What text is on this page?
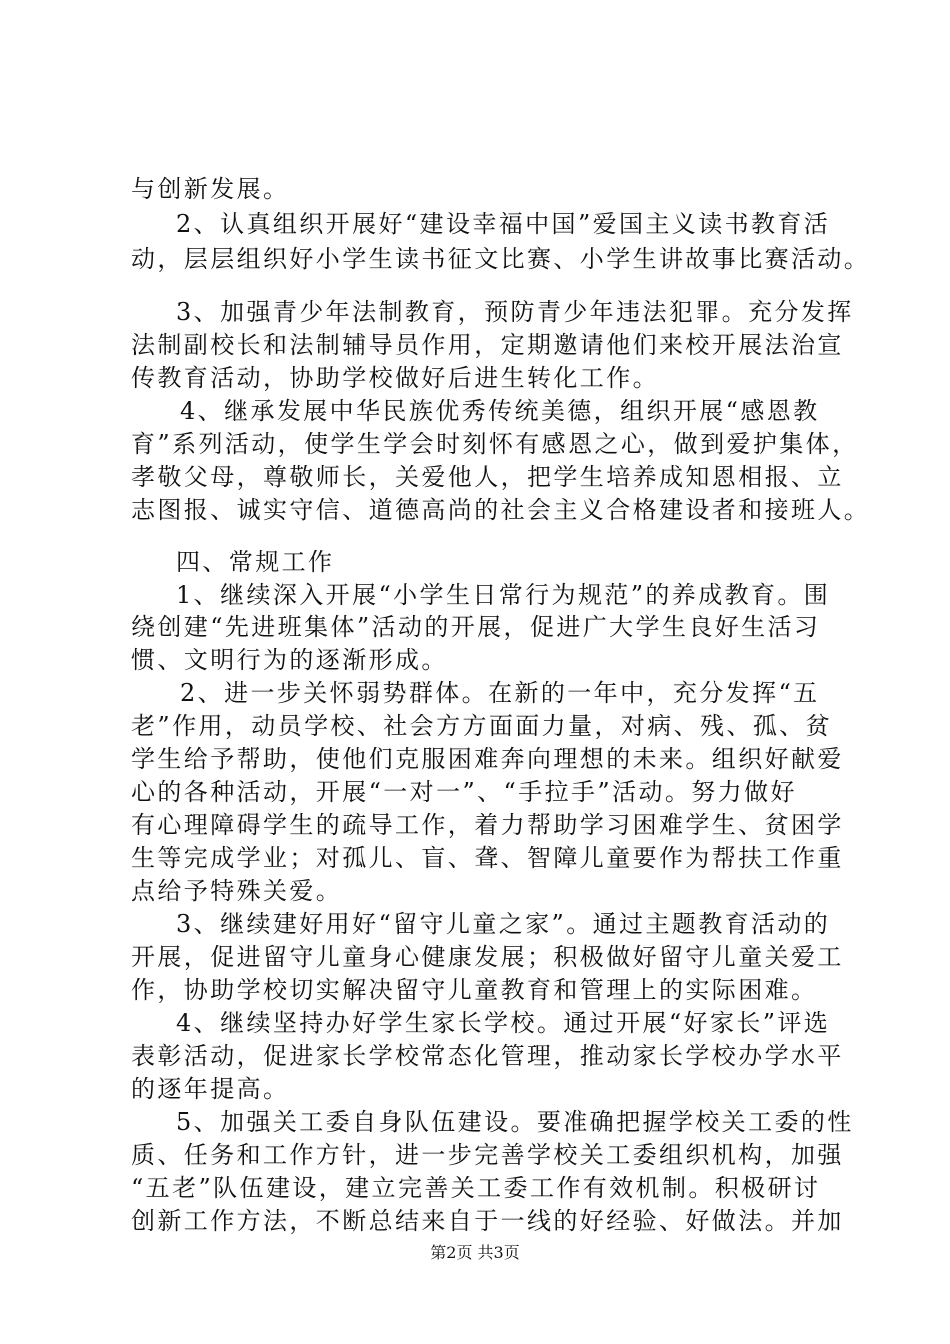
与创新发展。
2、认真组织开展好“建设幸福中国”爱国主义读书教育活
动，层层组织好小学生读书征文比赛、小学生讲故事比赛活动。
3、加强青少年法制教育，预防青少年违法犯罪。充分发挥
法制副校长和法制辅导员作用，定期邀请他们来校开展法治宣
传教育活动，协助学校做好后进生转化工作。
4、继承发展中华民族优秀传统美德，组织开展“感恩教
育”系列活动，使学生学会时刻怀有感恩之心，做到爱护集体，
孝敬父母，尊敬师长，关爱他人，把学生培养成知恩相报、立
志图报、诚实守信、道德高尚的社会主义合格建设者和接班人。
四、常规工作
1、继续深入开展“小学生日常行为规范”的养成教育。围
绕创建“先进班集体”活动的开展，促进广大学生良好生活习
惯、文明行为的逐渐形成。
2、进一步关怀弱势群体。在新的一年中，充分发挥“五
老”作用，动员学校、社会方方面面力量，对病、残、孤、贫
学生给予帮助，使他们克服困难奔向理想的未来。组织好献爱
心的各种活动，开展“一对一”、“手拉手”活动。努力做好
有心理障碍学生的疏导工作，着力帮助学习困难学生、贫困学
生等完成学业；对孤儿、盲、聋、智障儿童要作为帮扶工作重
点给予特殊关爱。
3、继续建好用好“留守儿童之家”。通过主题教育活动的
开展，促进留守儿童身心健康发展；积极做好留守儿童关爱工
作，协助学校切实解决留守儿童教育和管理上的实际困难。
4、继续坚持办好学生家长学校。通过开展“好家长”评选
表彰活动，促进家长学校常态化管理，推动家长学校办学水平
的逐年提高。
5、加强关工委自身队伍建设。要准确把握学校关工委的性
质、任务和工作方针，进一步完善学校关工委组织机构，加强
“五老”队伍建设，建立完善关工委工作有效机制。积极研讨
创新工作方法，不断总结来自于一线的好经验、好做法。并加
第2页 共3页
